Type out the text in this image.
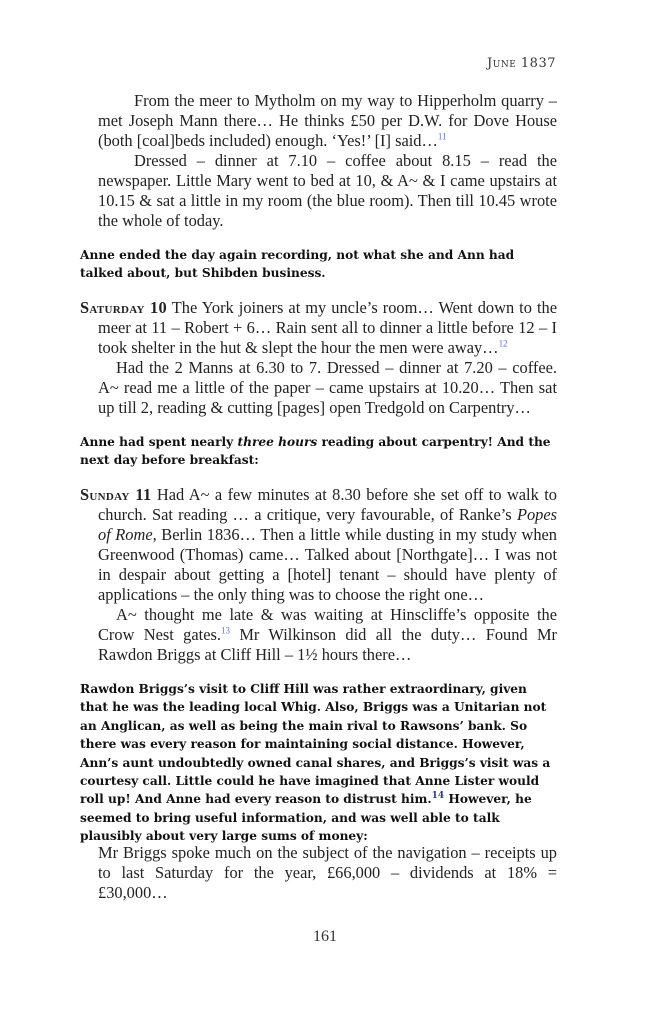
June 1837

From the meer to Mytholm on my way to Hipperholm quarry – met Joseph Mann there… He thinks £50 per D.W. for Dove House (both [coal]beds included) enough. ‘Yes!’ [I] said…$^{11}$

Dressed – dinner at 7.10 – coffee about 8.15 – read the newspaper. Little Mary went to bed at 10, & A~ & I came upstairs at 10.15 & sat a little in my room (the blue room). Then till 10.45 wrote the whole of today.

Anne ended the day again recording, not what she and Ann had talked about, but Shibden business.

Saturday 10 The York joiners at my uncle’s room… Went down to the meer at 11 – Robert + 6… Rain sent all to dinner a little before 12 – I took shelter in the hut & slept the hour the men were away…$^{12}$

Had the 2 Manns at 6.30 to 7. Dressed – dinner at 7.20 – coffee. A~ read me a little of the paper – came upstairs at 10.20… Then sat up till 2, reading & cutting [pages] open Tredgold on Carpentry…

Anne had spent nearly three hours reading about carpentry! And the next day before breakfast:

Sunday 11 Had A~ a few minutes at 8.30 before she set off to walk to church. Sat reading … a critique, very favourable, of Ranke’s Popes of Rome, Berlin 1836… Then a little while dusting in my study when Greenwood (Thomas) came… Talked about [Northgate]… I was not in despair about getting a [hotel] tenant – should have plenty of applications – the only thing was to choose the right one…

A~ thought me late & was waiting at Hinscliffe’s opposite the Crow Nest gates.$^{13}$ Mr Wilkinson did all the duty… Found Mr Rawdon Briggs at Cliff Hill – 1½ hours there…

Rawdon Briggs’s visit to Cliff Hill was rather extraordinary, given that he was the leading local Whig. Also, Briggs was a Unitarian not an Anglican, as well as being the main rival to Rawsons’ bank. So there was every reason for maintaining social distance. However, Ann’s aunt undoubtedly owned canal shares, and Briggs’s visit was a courtesy call. Little could he have imagined that Anne Lister would roll up! And Anne had every reason to distrust him.$^{14}$ However, he seemed to bring useful information, and was well able to talk plausibly about very large sums of money:

Mr Briggs spoke much on the subject of the navigation – receipts up to last Saturday for the year, £66,000 – dividends at 18% = £30,000…

161
